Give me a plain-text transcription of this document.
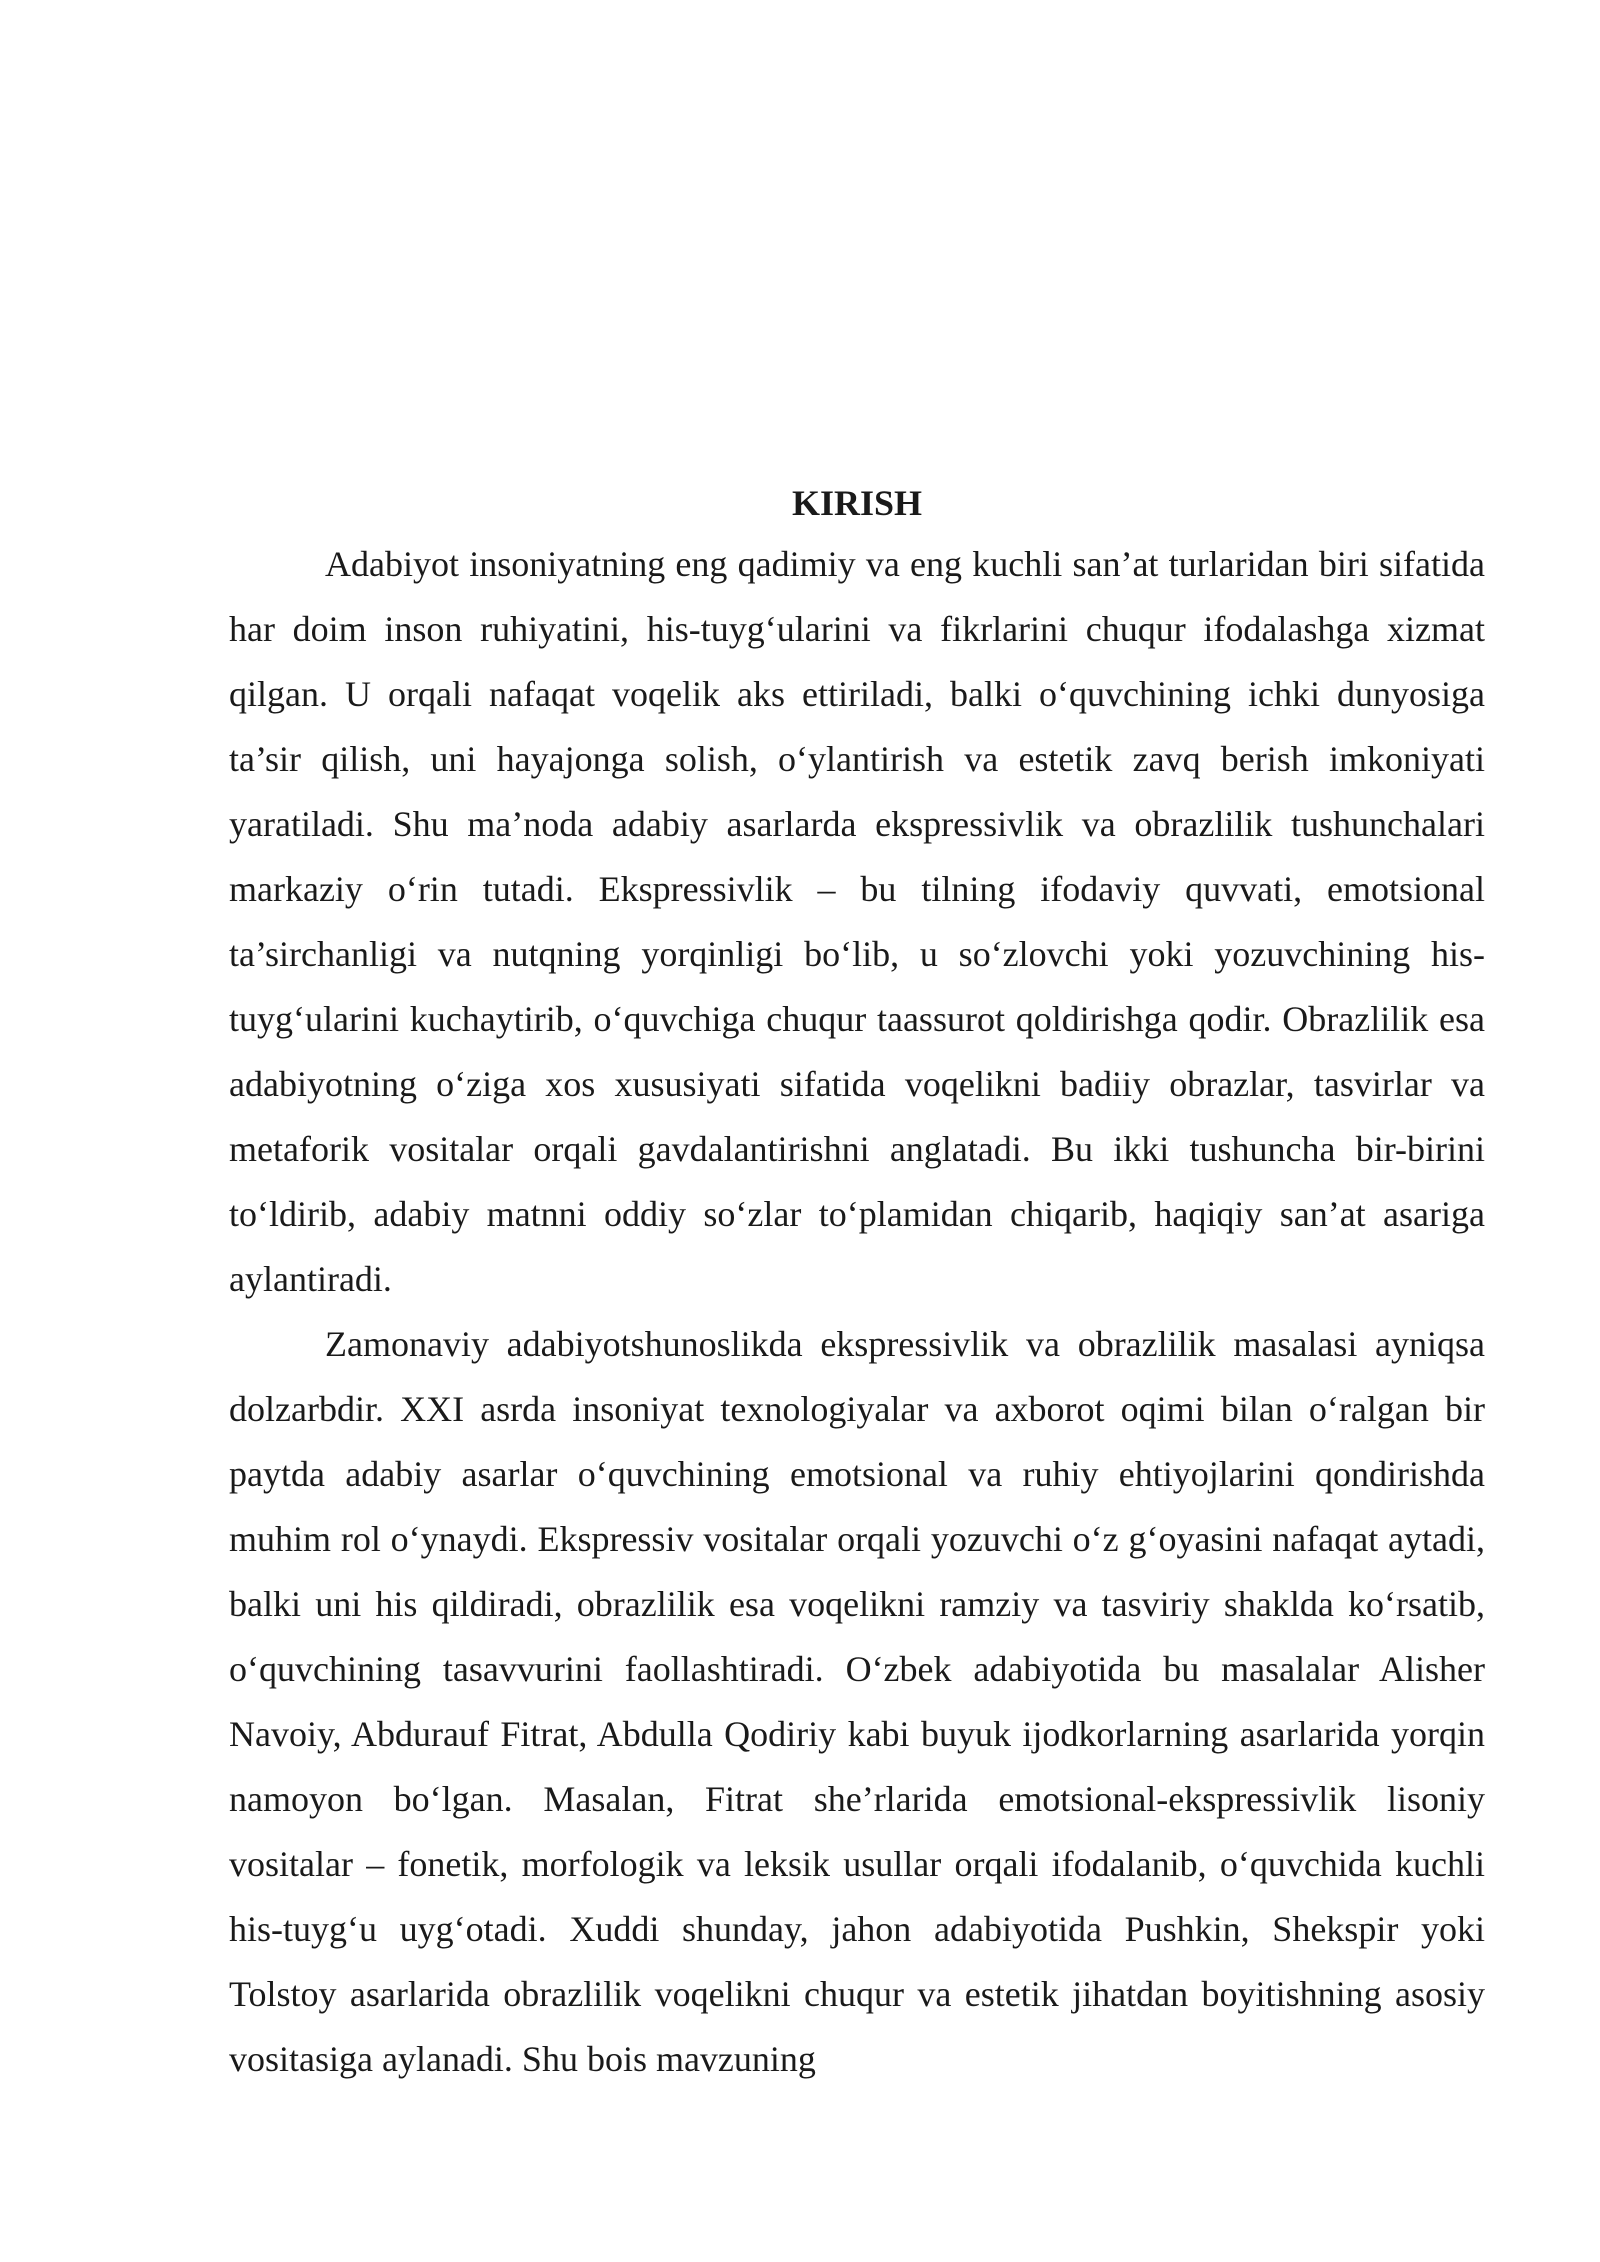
KIRISH

Adabiyot insoniyatning eng qadimiy va eng kuchli san’at turlaridan biri sifatida har doim inson ruhiyatini, his-tuyg‘ularini va fikrlarini chuqur ifodalashga xizmat qilgan. U orqali nafaqat voqelik aks ettiriladi, balki o‘quvchining ichki dunyosiga ta’sir qilish, uni hayajonga solish, o‘ylantirish va estetik zavq berish imkoniyati yaratiladi. Shu ma’noda adabiy asarlarda ekspressivlik va obrazlilik tushunchalari markaziy o‘rin tutadi. Ekspressivlik – bu tilning ifodaviy quvvati, emotsional ta’sirchanligi va nutqning yorqinligi bo‘lib, u so‘zlovchi yoki yozuvchining his-tuyg‘ularini kuchaytirib, o‘quvchiga chuqur taassurot qoldirishga qodir. Obrazlilik esa adabiyotning o‘ziga xos xususiyati sifatida voqelikni badiiy obrazlar, tasvirlar va metaforik vositalar orqali gavdalantirishni anglatadi. Bu ikki tushuncha bir-birini to‘ldirib, adabiy matnni oddiy so‘zlar to‘plamidan chiqarib, haqiqiy san’at asariga aylantiradi.

Zamonaviy adabiyotshunoslikda ekspressivlik va obrazlilik masalasi ayniqsa dolzarbdir. XXI asrda insoniyat texnologiyalar va axborot oqimi bilan o‘ralgan bir paytda adabiy asarlar o‘quvchining emotsional va ruhiy ehtiyojlarini qondirishda muhim rol o‘ynaydi. Ekspressiv vositalar orqali yozuvchi o‘z g‘oyasini nafaqat aytadi, balki uni his qildiradi, obrazlilik esa voqelikni ramziy va tasviriy shaklda ko‘rsatib, o‘quvchining tasavvurini faollashtiradi. O‘zbek adabiyotida bu masalalar Alisher Navoiy, Abdurauf Fitrat, Abdulla Qodiriy kabi buyuk ijodkorlarning asarlarida yorqin namoyon bo‘lgan. Masalan, Fitrat she’rlarida emotsional-ekspressivlik lisoniy vositalar – fonetik, morfologik va leksik usullar orqali ifodalanib, o‘quvchida kuchli his-tuyg‘u uyg‘otadi. Xuddi shunday, jahon adabiyotida Pushkin, Shekspir yoki Tolstoy asarlarida obrazlilik voqelikni chuqur va estetik jihatdan boyitishning asosiy vositasiga aylanadi. Shu bois mavzuning
